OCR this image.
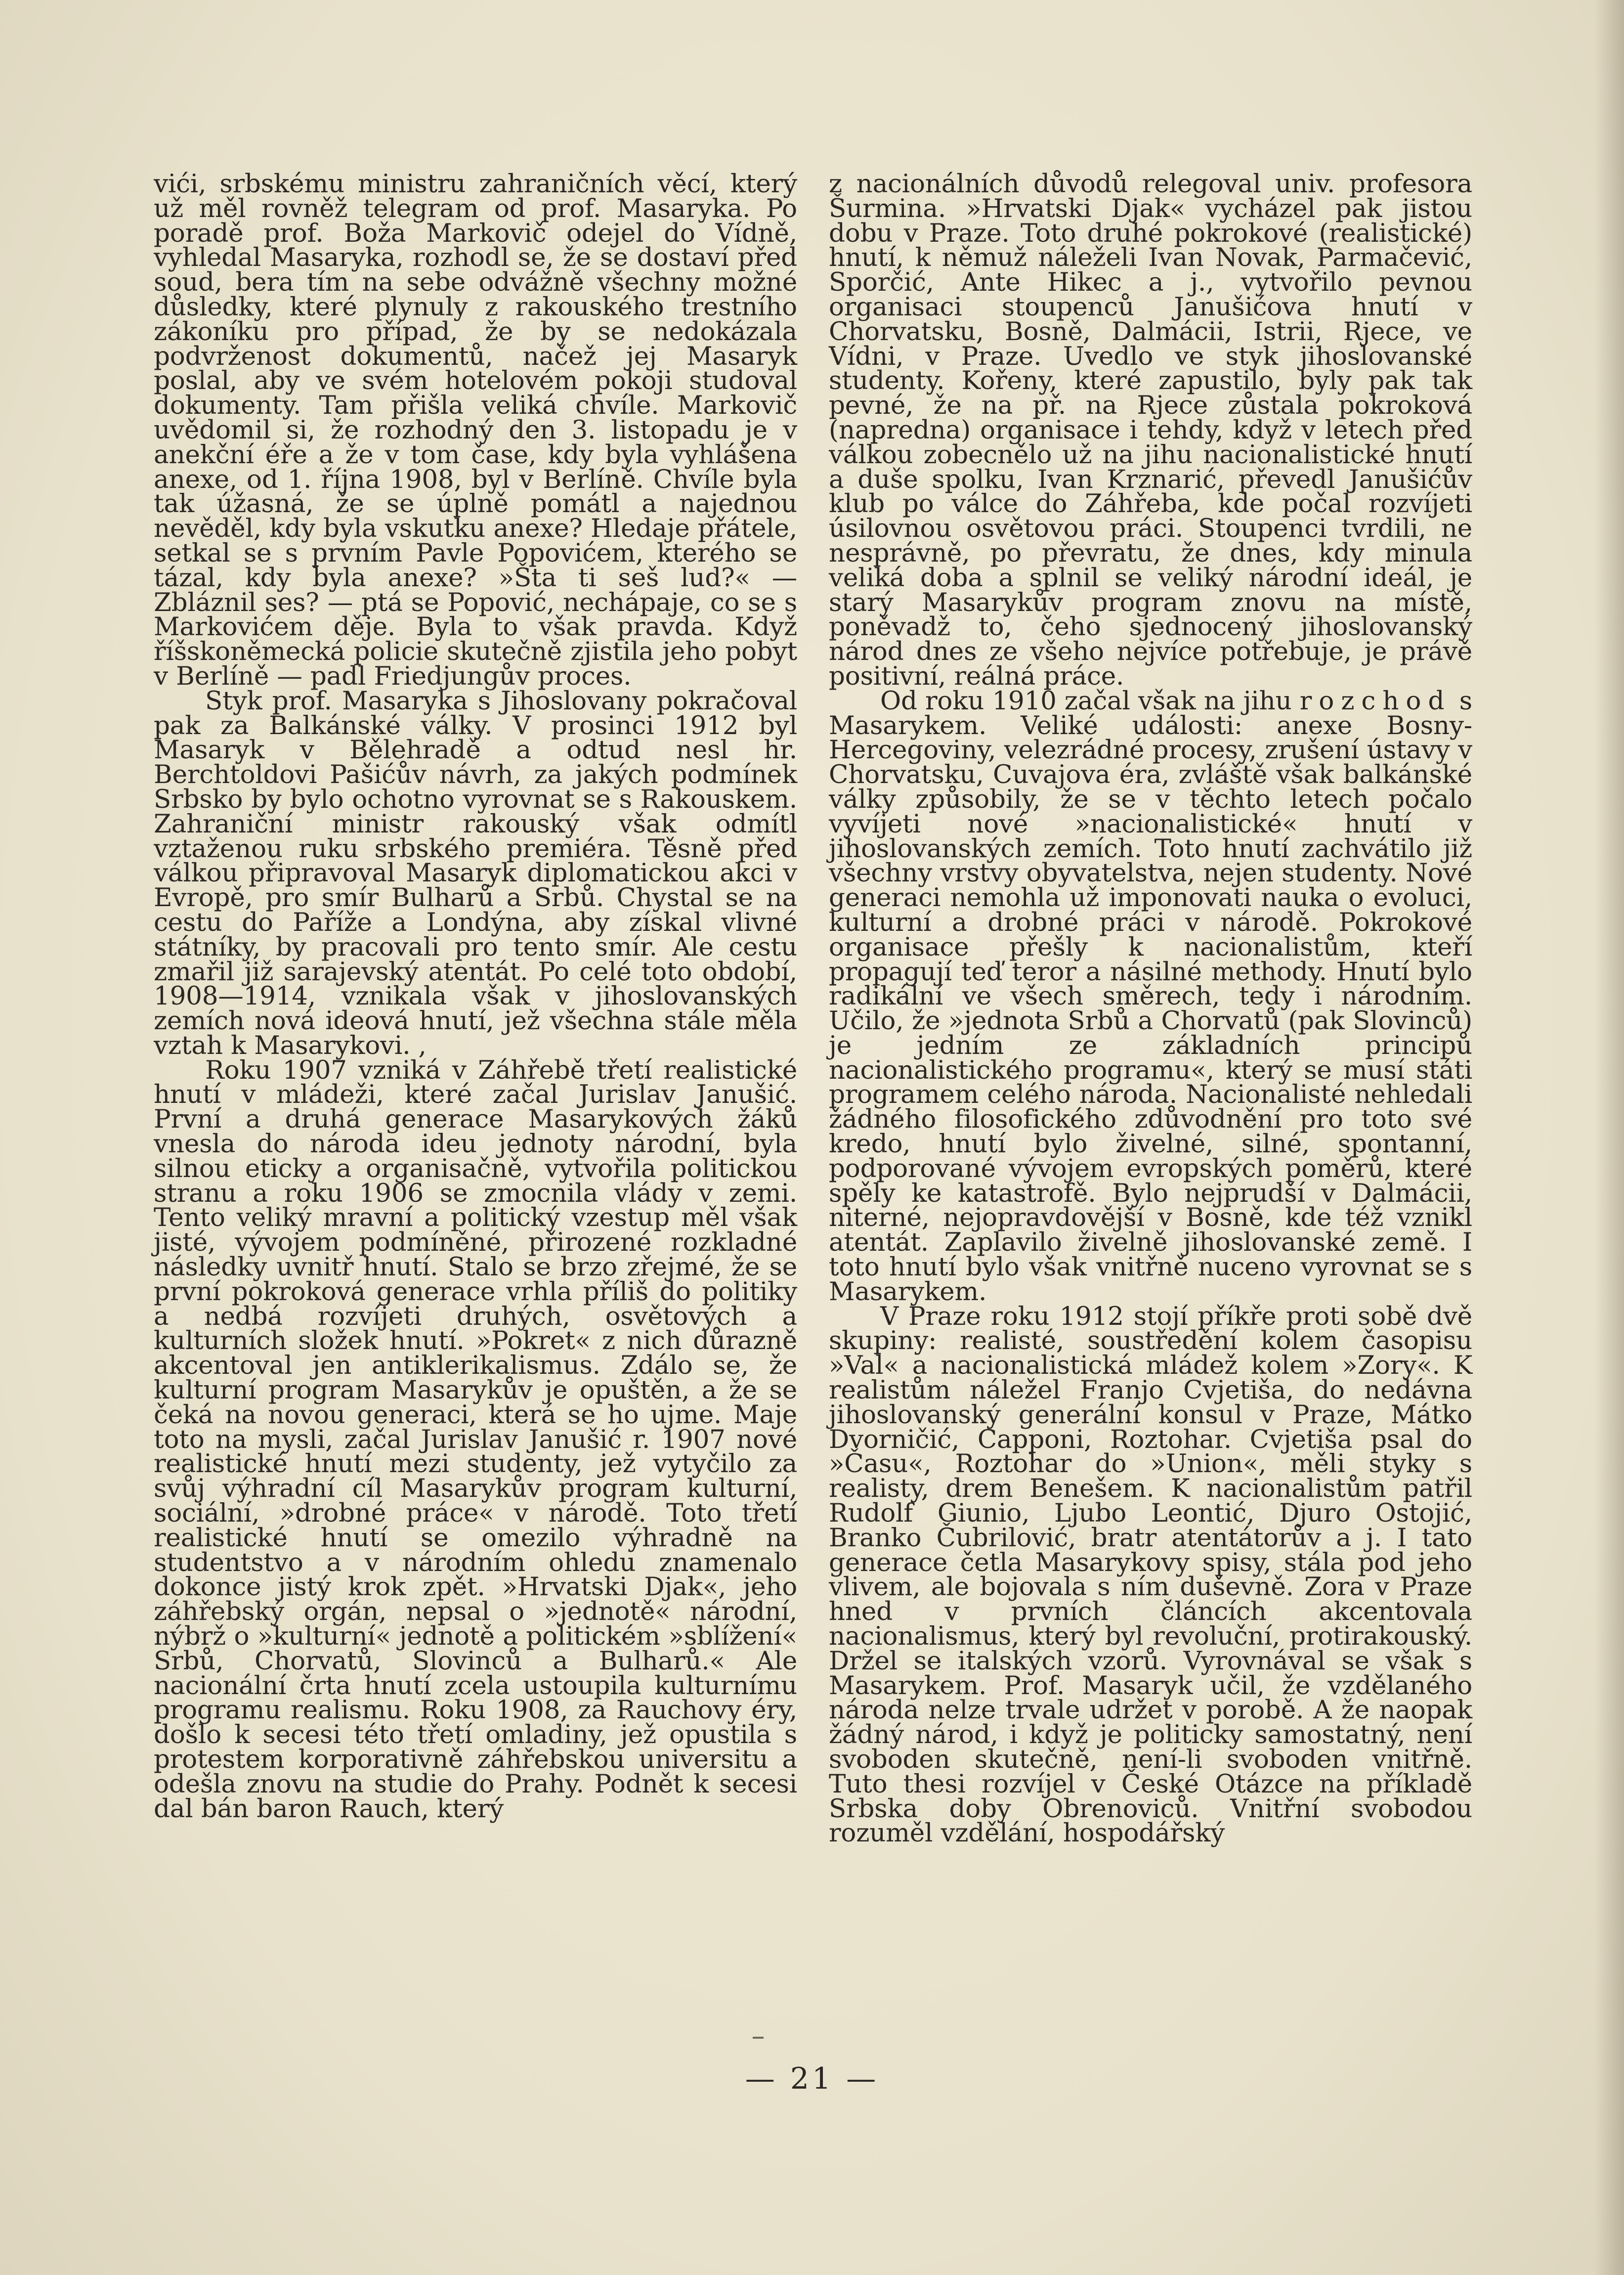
vići, srbskému ministru zahraničních věcí, který už měl rovněž telegram od prof. Masaryka. Po poradě prof. Boža Markovič odejel do Vídně, vyhledal Masaryka, rozhodl se, že se dostaví před soud, bera tím na sebe odvážně všechny možné důsledky, které plynuly z rakouského trestního zákoníku pro případ, že by se nedokázala podvrženost dokumentů, načež jej Masaryk poslal, aby ve svém hotelovém pokoji studoval dokumenty. Tam přišla veliká chvíle. Markovič uvědomil si, že rozhodný den 3. listopadu je v anekční éře a že v tom čase, kdy byla vyhlášena anexe, od 1. října 1908, byl v Berlíně. Chvíle byla tak úžasná, že se úplně pomátl a najednou nevěděl, kdy byla vskutku anexe? Hledaje přátele, setkal se s prvním Pavle Popovićem, kterého se tázal, kdy byla anexe? »Šta ti seš lud?« — Zbláznil ses? — ptá se Popović, nechápaje, co se s Markovićem děje. Byla to však pravda. Když říšskoněmecká policie skutečně zjistila jeho pobyt v Berlíně — padl Friedjungův proces.

Styk prof. Masaryka s Jihoslovany pokračoval pak za Balkánské války. V prosinci 1912 byl Masaryk v Bělehradě a odtud nesl hr. Berchtoldovi Pašićův návrh, za jakých podmínek Srbsko by bylo ochotno vyrovnat se s Rakouskem. Zahraniční ministr rakouský však odmítl vztaženou ruku srbského premiéra. Těsně před válkou připravoval Masaryk diplomatickou akci v Evropě, pro smír Bulharů a Srbů. Chystal se na cestu do Paříže a Londýna, aby získal vlivné státníky, by pracovali pro tento smír. Ale cestu zmařil již sarajevský atentát. Po celé toto období, 1908—1914, vznikala však v jihoslovanských zemích nová ideová hnutí, jež všechna stále měla vztah k Masarykovi. ,

Roku 1907 vzniká v Záhřebě třetí realistické hnutí v mládeži, které začal Jurislav Janušić. První a druhá generace Masarykových žáků vnesla do národa ideu jednoty národní, byla silnou eticky a organisačně, vytvořila politickou stranu a roku 1906 se zmocnila vlády v zemi. Tento veliký mravní a politický vzestup měl však jisté, vývojem podmíněné, přirozené rozkladné následky uvnitř hnutí. Stalo se brzo zřejmé, že se první pokroková generace vrhla příliš do politiky a nedbá rozvíjeti druhých, osvětových a kulturních složek hnutí. »Pokret« z nich důrazně akcentoval jen antiklerikalismus. Zdálo se, že kulturní program Masarykův je opuštěn, a že se čeká na novou generaci, která se ho ujme. Maje toto na mysli, začal Jurislav Janušić r. 1907 nové realistické hnutí mezi studenty, jež vytyčilo za svůj výhradní cíl Masarykův program kulturní, sociální, »drobné práce« v národě. Toto třetí realistické hnutí se omezilo výhradně na studentstvo a v národním ohledu znamenalo dokonce jistý krok zpět. »Hrvatski Djak«, jeho záhřebský orgán, nepsal o »jednotě« národní, nýbrž o »kulturní« jednotě a politickém »sblížení« Srbů, Chorvatů, Slovinců a Bulharů.« Ale nacionální črta hnutí zcela ustoupila kulturnímu programu realismu. Roku 1908, za Rauchovy éry, došlo k secesi této třetí omladiny, jež opustila s protestem korporativně záhřebskou universitu a odešla znovu na studie do Prahy. Podnět k secesi dal bán baron Rauch, který

z nacionálních důvodů relegoval univ. profesora Šurmina. »Hrvatski Djak« vycházel pak jistou dobu v Praze. Toto druhé pokrokové (realistické) hnutí, k němuž náleželi Ivan Novak, Parmačević, Sporčić, Ante Hikec a j., vytvořilo pevnou organisaci stoupenců Janušićova hnutí v Chorvatsku, Bosně, Dalmácii, Istrii, Rjece, ve Vídni, v Praze. Uvedlo ve styk jihoslovanské studenty. Kořeny, které zapustilo, byly pak tak pevné, že na př. na Rjece zůstala pokroková (napredna) organisace i tehdy, když v letech před válkou zobecnělo už na jihu nacionalistické hnutí a duše spolku, Ivan Krznarić, převedl Janušićův klub po válce do Záhřeba, kde počal rozvíjeti úsilovnou osvětovou práci. Stoupenci tvrdili, ne nesprávně, po převratu, že dnes, kdy minula veliká doba a splnil se veliký národní ideál, je starý Masarykův program znovu na místě, poněvadž to, čeho sjednocený jihoslovanský národ dnes ze všeho nejvíce potřebuje, je právě positivní, reálná práce.

Od roku 1910 začal však na jihu rozchod s Masarykem. Veliké události: anexe Bosny-Hercegoviny, velezrádné procesy, zrušení ústavy v Chorvatsku, Cuvajova éra, zvláště však balkánské války způsobily, že se v těchto letech počalo vyvíjeti nové »nacionalistické« hnutí v jihoslovanských zemích. Toto hnutí zachvátilo již všechny vrstvy obyvatelstva, nejen studenty. Nové generaci nemohla už imponovati nauka o evoluci, kulturní a drobné práci v národě. Pokrokové organisace přešly k nacionalistům, kteří propagují teď teror a násilné methody. Hnutí bylo radikální ve všech směrech, tedy i národním. Učilo, že »jednota Srbů a Chorvatů (pak Slovinců) je jedním ze základních principů nacionalistického programu«, který se musí státi programem celého národa. Nacionalisté nehledali žádného filosofického zdůvodnění pro toto své kredo, hnutí bylo živelné, silné, spontanní, podporované vývojem evropských poměrů, které spěly ke katastrofě. Bylo nejprudší v Dalmácii, niterné, nejopravdovější v Bosně, kde též vznikl atentát. Zaplavilo živelně jihoslovanské země. I toto hnutí bylo však vnitřně nuceno vyrovnat se s Masarykem.

V Praze roku 1912 stojí příkře proti sobě dvě skupiny: realisté, soustředění kolem časopisu »Val« a nacionalistická mládež kolem »Zory«. K realistům náležel Franjo Cvjetiša, do nedávna jihoslovanský generální konsul v Praze, Mátko Dvorničić, Capponi, Roztohar. Cvjetiša psal do »Času«, Roztohar do »Union«, měli styky s realisty, drem Benešem. K nacionalistům patřil Rudolf Giunio, Ljubo Leontić, Djuro Ostojić, Branko Čubrilović, bratr atentátorův a j. I tato generace četla Masarykovy spisy, stála pod jeho vlivem, ale bojovala s ním duševně. Zora v Praze hned v prvních článcích akcentovala nacionalismus, který byl revoluční, protirakouský. Držel se italských vzorů. Vyrovnával se však s Masarykem. Prof. Masaryk učil, že vzdělaného národa nelze trvale udržet v porobě. A že naopak žádný národ, i když je politicky samostatný, není svoboden skutečně, není-li svoboden vnitřně. Tuto thesi rozvíjel v České Otázce na příkladě Srbska doby Obrenoviců. Vnitřní svobodou rozuměl vzdělání, hospodářský

— 21 —
